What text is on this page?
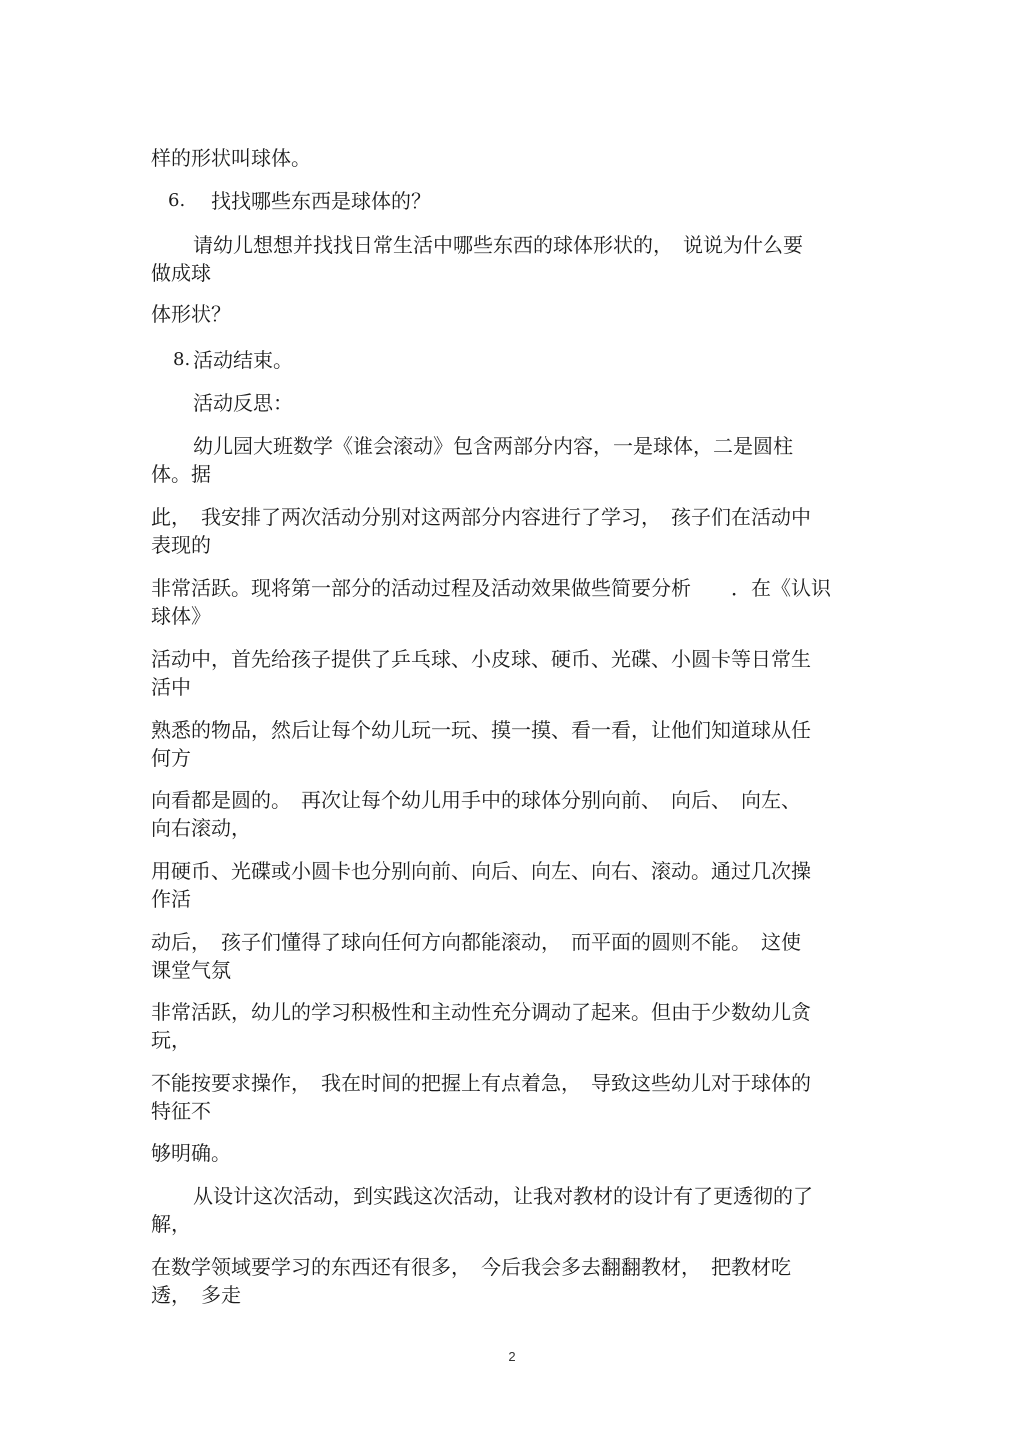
样的形状叫球体。

6. 找找哪些东西是球体的？

请幼儿想想并找找日常生活中哪些东西的球体形状的，　说说为什么要

做成球

体形状？

8. 活动结束。

活动反思：

幼儿园大班数学《谁会滚动》包含两部分内容，一是球体，二是圆柱

体。据

此，　我安排了两次活动分别对这两部分内容进行了学习，　孩子们在活动中

表现的

非常活跃。现将第一部分的活动过程及活动效果做些简要分析　　．在《认识

球体》

活动中，首先给孩子提供了乒乓球、小皮球、硬币、光碟、小圆卡等日常生

活中

熟悉的物品，然后让每个幼儿玩一玩、摸一摸、看一看，让他们知道球从任

何方

向看都是圆的。　再次让每个幼儿用手中的球体分别向前、　向后、　向左、

向右滚动，

用硬币、光碟或小圆卡也分别向前、向后、向左、向右、滚动。通过几次操

作活

动后，　孩子们懂得了球向任何方向都能滚动，　而平面的圆则不能。　这使

课堂气氛

非常活跃，幼儿的学习积极性和主动性充分调动了起来。但由于少数幼儿贪

玩，

不能按要求操作，　我在时间的把握上有点着急，　导致这些幼儿对于球体的

特征不

够明确。

从设计这次活动，到实践这次活动，让我对教材的设计有了更透彻的了

解，

在数学领域要学习的东西还有很多，　今后我会多去翻翻教材，　把教材吃

透，　多走

2
